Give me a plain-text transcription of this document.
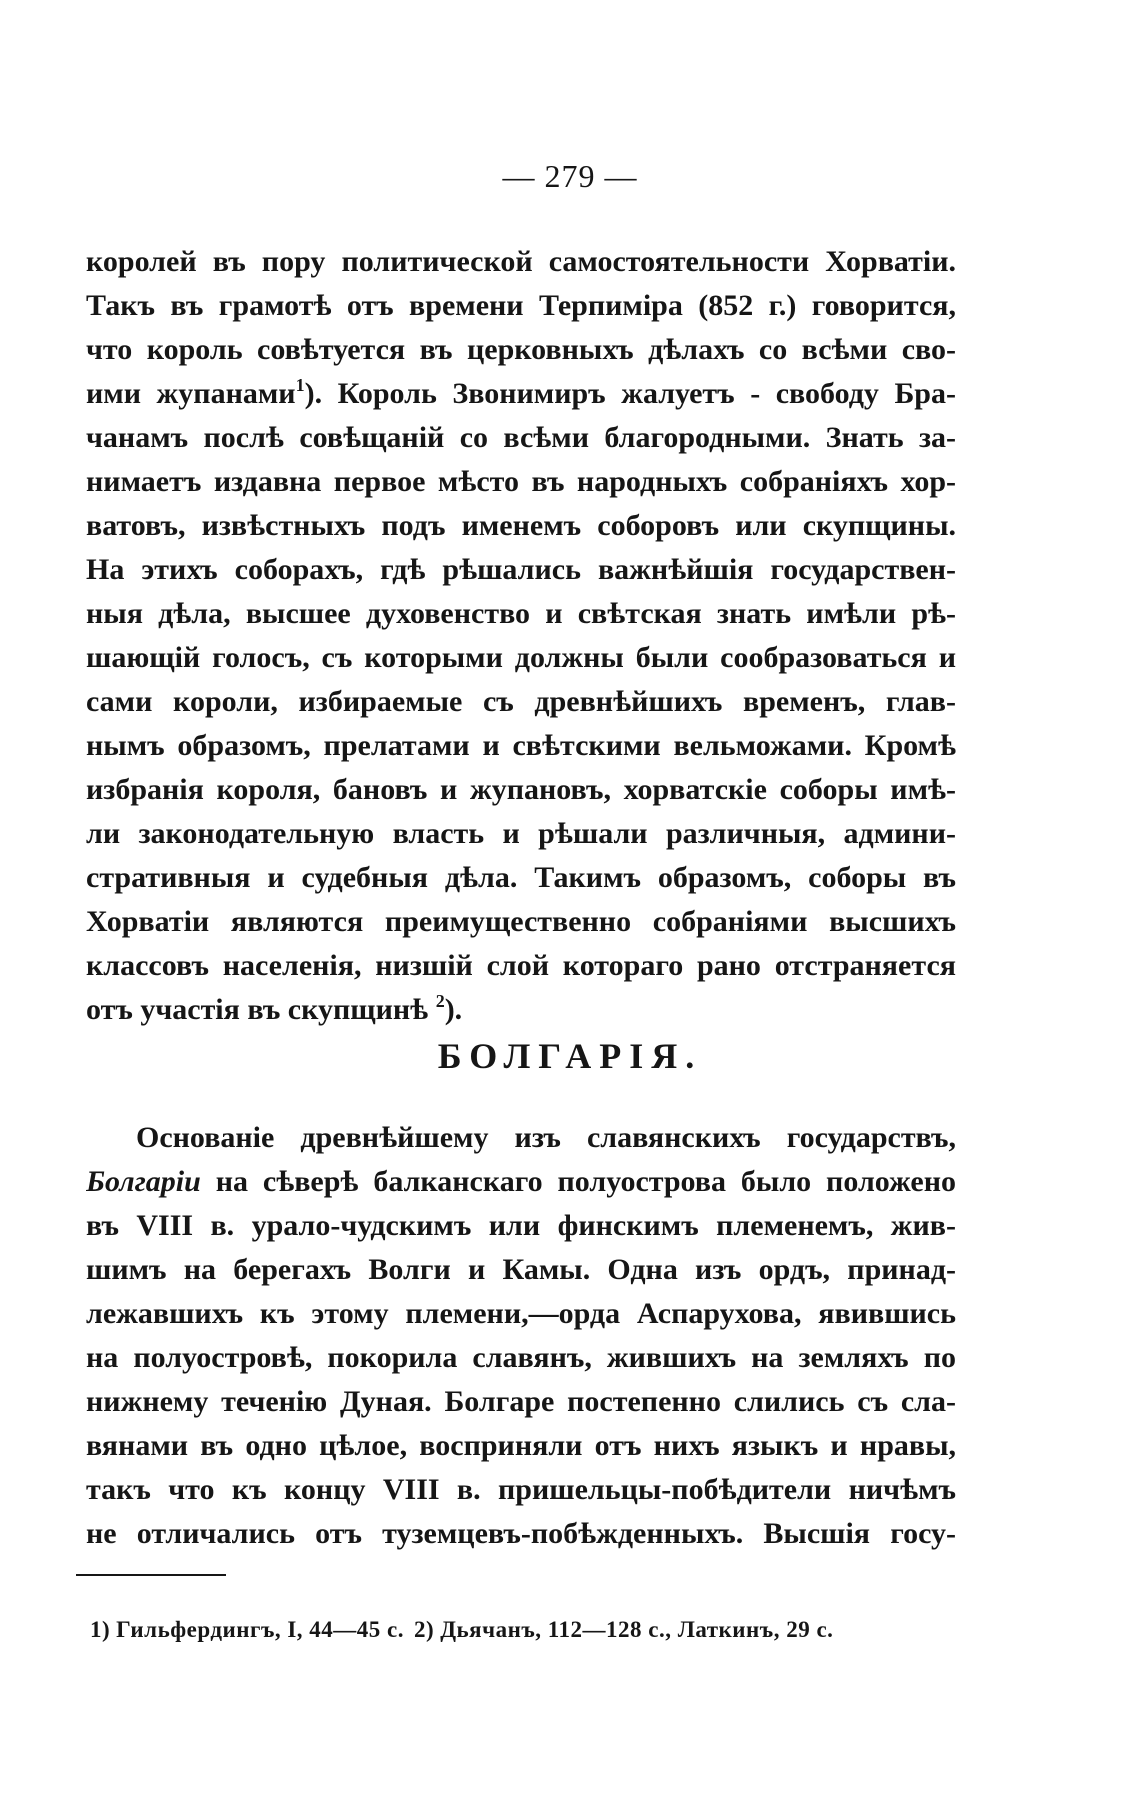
— 279 —
королей въ пору политической самостоятельности Хорватіи.
Такъ въ грамотѣ отъ времени Терпиміра (852 г.) говорится,
что король совѣтуется въ церковныхъ дѣлахъ со всѣми сво-
ими жупанами$^1$). Король Звонимиръ жалуетъ - свободу Бра-
чанамъ послѣ совѣщаній со всѣми благородными. Знать за-
нимаетъ издавна первое мѣсто въ народныхъ собраніяхъ хор-
ватовъ, извѣстныхъ подъ именемъ соборовъ или скупщины.
На этихъ соборахъ, гдѣ рѣшались важнѣйшія государствен-
ныя дѣла, высшее духовенство и свѣтская знать имѣли рѣ-
шающій голосъ, съ которыми должны были сообразоваться и
сами короли, избираемые съ древнѣйшихъ временъ, глав-
нымъ образомъ, прелатами и свѣтскими вельможами. Кромѣ
избранія короля, бановъ и жупановъ, хорватскіе соборы имѣ-
ли законодательную власть и рѣшали различныя, админи-
стративныя и судебныя дѣла. Такимъ образомъ, соборы въ
Хорватіи являются преимущественно собраніями высшихъ
классовъ населенія, низшій слой котораго рано отстраняется
отъ участія въ скупщинѣ $^2$).
БОЛГАРІЯ.
Основаніе древнѣйшему изъ славянскихъ государствъ,
Болгаріи на сѣверѣ балканскаго полуострова было положено
въ VIII в. урало-чудскимъ или финскимъ племенемъ, жив-
шимъ на берегахъ Волги и Камы. Одна изъ ордъ, принад-
лежавшихъ къ этому племени,—орда Аспарухова, явившись
на полуостровѣ, покорила славянъ, жившихъ на земляхъ по
нижнему теченію Дуная. Болгаре постепенно слились съ сла-
вянами въ одно цѣлое, восприняли отъ нихъ языкъ и нравы,
такъ что къ концу VIII в. пришельцы-побѣдители ничѣмъ
не отличались отъ туземцевъ-побѣжденныхъ. Высшія госу-
1) Гильфердингъ, I, 44—45 с. 2) Дьячанъ, 112—128 с., Латкинъ, 29 с.
